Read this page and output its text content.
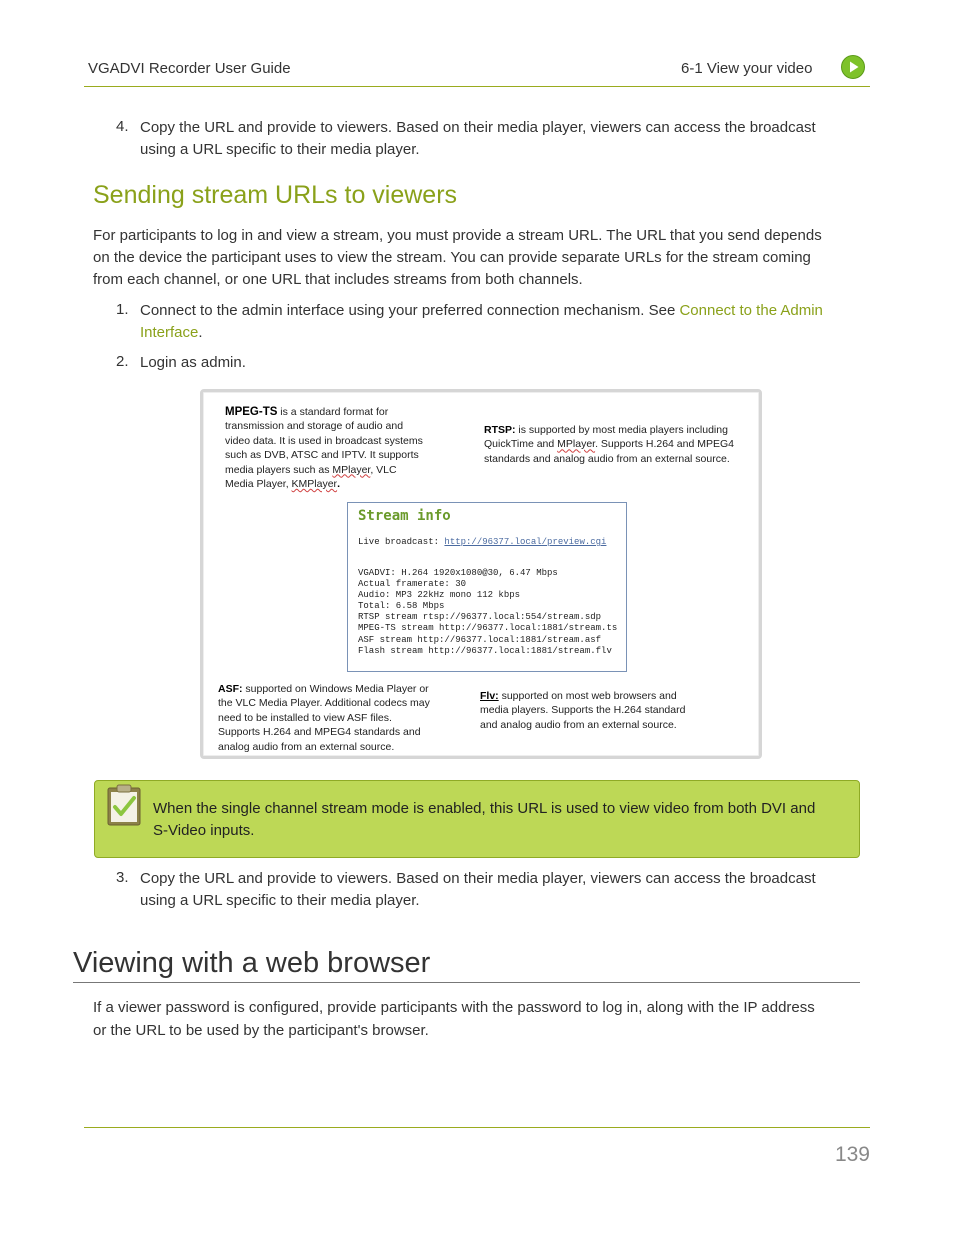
VGADVI Recorder User Guide	6-1 View your video
4. Copy the URL and provide to viewers. Based on their media player, viewers can access the broadcast
using a URL specific to their media player.
Sending stream URLs to viewers
For participants to log in and view a stream, you must provide a stream URL. The URL that you send depends
on the device the participant uses to view the stream. You can provide separate URLs for the stream coming
from each channel, or one URL that includes streams from both channels.
1. Connect to the admin interface using your preferred connection mechanism. See Connect to the Admin
Interface.
2. Login as admin.
MPEG-TS is a standard format for
transmission and storage of audio and
video data. It is used in broadcast systems
such as DVB, ATSC and IPTV. It supports
media players such as MPlayer, VLC
Media Player, KMPlayer.
RTSP: is supported by most media players including
QuickTime and MPlayer. Supports H.264 and MPEG4
standards and analog audio from an external source.
Stream info
Live broadcast: http://96377.local/preview.cgi
VGADVI: H.264 1920x1080@30, 6.47 Mbps
Actual framerate: 30
Audio: MP3 22kHz mono 112 kbps
Total: 6.58 Mbps
RTSP stream rtsp://96377.local:554/stream.sdp
MPEG-TS stream http://96377.local:1881/stream.ts
ASF stream http://96377.local:1881/stream.asf
Flash stream http://96377.local:1881/stream.flv
ASF: supported on Windows Media Player or
the VLC Media Player. Additional codecs may
need to be installed to view ASF files.
Supports H.264 and MPEG4 standards and
analog audio from an external source.
Flv: supported on most web browsers and
media players. Supports the H.264 standard
and analog audio from an external source.
When the single channel stream mode is enabled, this URL is used to view video from both DVI and
S-Video inputs.
3. Copy the URL and provide to viewers. Based on their media player, viewers can access the broadcast
using a URL specific to their media player.
Viewing with a web browser
If a viewer password is configured, provide participants with the password to log in, along with the IP address
or the URL to be used by the participant's browser.
139
